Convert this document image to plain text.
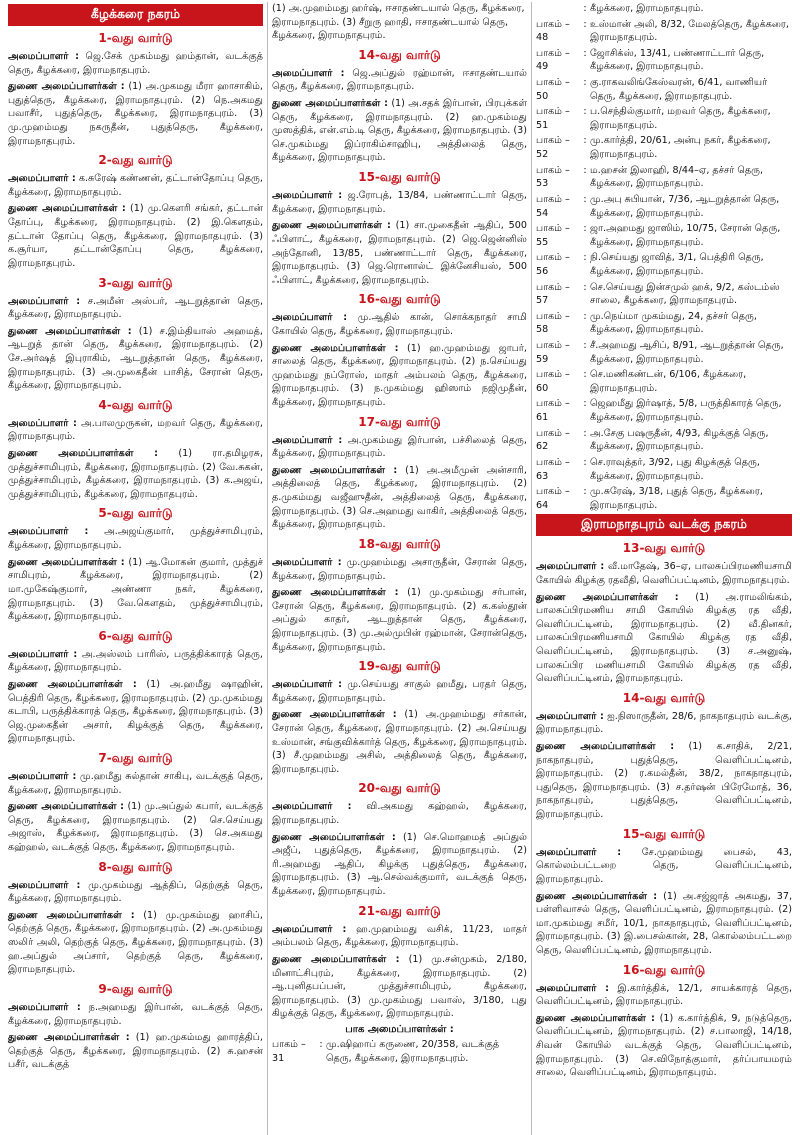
கீழக்கரை நகரம்
1-வது வார்டு

அமைப்பாளர் : ஜெ.சேக் முகம்மது ஹம்தான், வடக்குத் தெரு, கீழக்கரை, இராமநாதபுரம்.

துணை அமைப்பாளர்கள் : (1) அ.முகமது மீரா ஹாசாகிம், புதுத்தெரு, கீழக்கரை, இராமநாதபுரம். (2) நெ.அகமது பவாசீர், புதுத்தெரு, கீழக்கரை, இராமநாதபுரம். (3) மு.முஹம்மது நகருதீன், புதுத்தெரு, கீழக்கரை, இராமநாதபுரம்.

2-வது வார்டு

அமைப்பாளர் : க.சுரேஷ் கண்ணன், தட்டான்தோப்பு தெரு, கீழக்கரை, இராமநாதபுரம்.

துணை அமைப்பாளர்கள் : (1) மு.கௌரி சங்கர், தட்டான் தோப்பு, கீழக்கரை, இராமநாதபுரம். (2) இ.கௌதம், தட்டான் தோப்பு தெரு, கீழக்கரை, இராமநாதபுரம். (3) க.சூர்யா, தட்டான்தோப்பு தெரு, கீழக்கரை, இராமநாதபுரம்.

3-வது வார்டு

அமைப்பாளர் : ச.அமீன் அஸ்பர், ஆடறுத்தான் தெரு, கீழக்கரை, இராமநாதபுரம்.

துணை அமைப்பாளர்கள் : (1) ச.இம்தியாஸ் அஹமத், ஆடறுத் தான் தெரு, கீழக்கரை, இராமநாதபுரம். (2) சே.அர்ஷத் இபுராகிம், ஆடறுத்தான் தெரு, கீழக்கரை, இராமநாதபுரம். (3) அ.முகைதீன் பாசித், சேரான் தெரு, கீழக்கரை, இராமநாதபுரம்.

4-வது வார்டு

அமைப்பாளர் : அ.பாலமுருகன், மறவர் தெரு, கீழக்கரை, இராமநாதபுரம்.

துணை அமைப்பாளர்கள் : (1) ரா.தமிழரசு, முத்துச்சாமிபுரம், கீழக்கரை, இராமநாதபுரம். (2) வே.சுகன், முத்துச்சாமிபுரம், கீழக்கரை, இராமநாதபுரம். (3) க.அஜய், முத்துச்சாமிபுரம், கீழக்கரை, இராமநாதபுரம்.

5-வது வார்டு

அமைப்பாளர் : அ.அஜய்குமார், முத்துச்சாமிபுரம், கீழக்கரை, இராமநாதபுரம்.

துணை அமைப்பாளர்கள் : (1) ஆ.மோகன் குமார், முத்துச் சாமிபுரம், கீழக்கரை, இராமநாதபுரம். (2) மா.முகேஷ்குமார், அண்ணா நகர், கீழக்கரை, இராமநாதபுரம். (3) வே.கௌதம், முத்துச்சாமிபுரம், கீழக்கரை, இராமநாதபுரம்.

6-வது வார்டு

அமைப்பாளர் : அ.அஸ்லம் பாரிஸ், பருத்திக்காரத் தெரு, கீழக்கரை, இராமநாதபுரம்.

துணை அமைப்பாளர்கள் : (1) அ.ஹமீது ஷாஹின், பெத்திரி தெரு, கீழக்கரை, இராமநாதபுரம். (2) மு.முகம்மது கடாபி, பருத்திக்காரத் தெரு, கீழக்கரை, இராமநாதபுரம். (3) ஜெ.முகைதீன் அசார், கிழக்குத் தெரு, கீழக்கரை, இராமநாதபுரம்.

7-வது வார்டு

அமைப்பாளர் : மு.ஹமீது சுல்தான் சாகிபு, வடக்குத் தெரு, கீழக்கரை, இராமநாதபுரம்.

துணை அமைப்பாளர்கள் : (1) மு.அப்துல் கபார், வடக்குத் தெரு, கீழக்கரை, இராமநாதபுரம். (2) செ.செய்யது அஜாஸ், கீழக்கரை, இராமநாதபுரம். (3) செ.அகமது கஹ்ஹல், வடக்குத் தெரு, கீழக்கரை, இராமநாதபுரம்.

8-வது வார்டு

அமைப்பாளர் : மு.முகம்மது ஆத்திப், தெற்குத் தெரு, கீழக்கரை, இராமநாதபுரம்.

துணை அமைப்பாளர்கள் : (1) மு.முகம்மது ஹாசிப், தெற்குத் தெரு, கீழக்கரை, இராமநாதபுரம். (2) அ.முகம்மது ஸலிர் அலி, தெற்குத் தெரு, கீழக்கரை, இராமநாதபுரம். (3) ஹ.அப்துல் அப்சார், தெற்குத் தெரு, கீழக்கரை, இராமநாதபுரம்.

9-வது வார்டு

அமைப்பாளர் : ந.அஹமது இர்பான், வடக்குத் தெரு, கீழக்கரை, இராமநாதபுரம்.

துணை அமைப்பாளர்கள் : (1) ஹ.முகம்மது ஹாரத்திப், தெற்குத் தெரு, கீழக்கரை, இராமநாதபுரம். (2) சு.ஹசன் பசீர், வடக்குத்

(1) அ.முஹம்மது ஹர்ஷ், ஈசாதண்டயால் தெரு, கீழக்கரை, இராமநாதபுரம். (3) சீறுரு ஹாதி, ஈசாதண்டயால் தெரு, கீழக்கரை, இராமநாதபுரம்.

14-வது வார்டு

அமைப்பாளர் : ஜெ.அப்துல் ரஹ்மான், ஈசாதண்டயால் தெரு, கீழக்கரை, இராமநாதபுரம்.

துணை அமைப்பாளர்கள் : (1) அ.சதக் இர்பான், பிரபுக்கள் தெரு, கீழக்கரை, இராமநாதபுரம். (2) ஹ.முகம்மது முஸத்திக், என்.எம்.டி தெரு, கீழக்கரை, இராமநாதபுரம். (3) செ.முகம்மது இப்ராகிம்சாஹிபு, அத்திலைத் தெரு, கீழக்கரை, இராமநாதபுரம்.

15-வது வார்டு

அமைப்பாளர் : ஜ.ரோபுத், 13/84, பண்ணாட்டார் தெரு, கீழக்கரை, இராமநாதபுரம்.

துணை அமைப்பாளர்கள் : (1) சா.முகைதீன் ஆதிப், 500 ஃபிளாட், கீழக்கரை, இராமநாதபுரம். (2) ஜெ.ஜென்னிஸ் அந்தோனி, 13/85, பண்ணாட்டார் தெரு, கீழக்கரை, இராமநாதபுரம். (3) ஜெ.ரொனால்ட் இக்னேசியஸ், 500 ஃபிளாட், கீழக்கரை, இராமநாதபுரம்.

16-வது வார்டு

அமைப்பாளர் : மு.ஆதில் கான், சொக்கநாதர் சாமி கோயில் தெரு, கீழக்கரை, இராமநாதபுரம்.

துணை அமைப்பாளர்கள் : (1) ஹ.முஹம்மது ஜாபர், சாலைத் தெரு, கீழக்கரை, இராமநாதபுரம். (2) ந.செய்யது முஹம்மது நப்ரோஸ், மாதர் அம்பலம் தெரு, கீழக்கரை, இராமநாதபுரம். (3) ந.முகம்மது ஹிஸாம் நஜிமுதீன், கீழக்கரை, இராமநாதபுரம்.

17-வது வார்டு

அமைப்பாளர் : அ.முகம்மது இர்பான், பச்சிலைத் தெரு, கீழக்கரை, இராமநாதபுரம்.

துணை அமைப்பாளர்கள் : (1) அ.அமீமுன் அன்சாரி, அத்திலைத் தெரு, கீழக்கரை, இராமநாதபுரம். (2) த.முகம்மது வஜீஹுதீன், அத்திலைத் தெரு, கீழக்கரை, இராமநாதபுரம். (3) செ.அஹமது வாகிர், அத்திலைத் தெரு, கீழக்கரை, இராமநாதபுரம்.

18-வது வார்டு

அமைப்பாளர் : மு.முஹம்மது அசாருதீன், சேரான் தெரு, கீழக்கரை, இராமநாதபுரம்.

துணை அமைப்பாளர்கள் : (1) மு.முகம்மது சர்பான், சேரான் தெரு, கீழக்கரை, இராமநாதபுரம். (2) க.கஸ்தூன் அப்துல் காதர், ஆடறுத்தான் தெரு, கீழக்கரை, இராமநாதபுரம். (3) மு.அல்முபின் ரஹ்மான், சேரான்தெரு, கீழக்கரை, இராமநாதபுரம்.

19-வது வார்டு

அமைப்பாளர் : மு.செய்யது சாகுல் ஹமீது, பரதர் தெரு, கீழக்கரை, இராமநாதபுரம்.

துணை அமைப்பாளர்கள் : (1) அ.முஹம்மது சர்கான், சேரான் தெரு, கீழக்கரை, இராமநாதபுரம். (2) அ.செய்யது உஸ்மான், சங்குவிக்கார்த் தெரு, கீழக்கரை, இராமநாதபுரம். (3) சீ.முஹம்மது அசில், அத்திலைத் தெரு, கீழக்கரை, இராமநாதபுரம்.

20-வது வார்டு

அமைப்பாளர் : வி.அகமது கஹ்ஹல், கீழக்கரை, இராமநாதபுரம்.

துணை அமைப்பாளர்கள் : (1) செ.மொஹமத் அப்துல் அஜீப், புதுத்தெரு, கீழக்கரை, இராமநாதபுரம். (2) ரி.அஹமது ஆதிப், கிழக்கு புதுத்தெரு, கீழக்கரை, இராமநாதபுரம். (3) ஆ.செல்வக்குமார், வடக்குத் தெரு, கீழக்கரை, இராமநாதபுரம்.

21-வது வார்டு

அமைப்பாளர் : ஹ.முஹம்மது வசிக், 11/23, மாதர் அம்பலம் தெரு, கீழக்கரை, இராமநாதபுரம்.

துணை அமைப்பாளர்கள் : (1) மு.சன்முகம், 2/180, மினாட்சிபுரம், கீழக்கரை, இராமநாதபுரம். (2) ஆ.புனிதபப்பன், முத்துச்சாமிபுரம், கீழக்கரை, இராமநாதபுரம். (3) மு.முகம்மது பவாஸ், 3/180, புது கிழக்குத் தெரு, கீழக்கரை, இராமநாதபுரம்.

பாக அமைப்பாளர்கள் :
பாகம் – 31
: மு.ஷிஹாப் கருணை, 20/358, வடக்குத் தெரு, கீழக்கரை, இராமநாதபுரம்.
: கீழக்கரை, இராமநாதபுரம்.
பாகம் – 48
: உஸ்மான் அலி, 8/32, மேலத்தெரு, கீழக்கரை, இராமநாதபுரம்.
பாகம் – 49
: ஜோசிக்ஸ், 13/41, பண்ணாட்டார் தெரு, கீழக்கரை, இராமநாதபுரம்.
பாகம் – 50
: கு.ராகவலிங்கேஸ்வரன், 6/41, வாணியர் தெரு, கீழக்கரை, இராமநாதபுரம்.
பாகம் – 51
: ப.செந்தில்குமார், மறவர் தெரு, கீழக்கரை, இராமநாதபுரம்.
பாகம் – 52
: மு.கார்த்தி, 20/61, அன்பு நகர், கீழக்கரை, இராமநாதபுரம்.
பாகம் – 53
: ம.ஹசன் இலாஹி, 8/44–ஏ, தச்சர் தெரு, கீழக்கரை, இராமநாதபுரம்.
பாகம் – 54
: மு.அபு சுபியான், 7/36, ஆடறுத்தான் தெரு, கீழக்கரை, இராமநாதபுரம்.
பாகம் – 55
: ஜா.அஹமது ஜாஸிம், 10/75, சேரான் தெரு, கீழக்கரை, இராமநாதபுரம்.
பாகம் – 56
: நி.செய்யது ஜாவித், 3/1, பெத்திரி தெரு, கீழக்கரை, இராமநாதபுரம்.
பாகம் – 57
: செ.செய்யது இன்சமுல் ஹக், 9/2, கஸ்டம்ஸ் சாலை, கீழக்கரை, இராமநாதபுரம்.
பாகம் – 58
: மு.நெய்மா முகம்மது, 24, தச்சர் தெரு, கீழக்கரை, இராமநாதபுரம்.
பாகம் – 59
: சீ.அஹமது ஆசிப், 8/91, ஆடறுத்தான் தெரு, கீழக்கரை, இராமநாதபுரம்.
பாகம் – 60
: செ.மணிகண்டன், 6/106, கீழக்கரை, இராமநாதபுரம்.
பாகம் – 61
: ஜெஹமீது இர்ஷாத், 5/8, பருத்திகாரத் தெரு, கீழக்கரை, இராமநாதபுரம்.
பாகம் – 62
: அ.சேகு பஷருதீன், 4/93, கிழக்குத் தெரு, கீழக்கரை, இராமநாதபுரம்.
பாகம் – 63
: செ.ராவுத்தர், 3/92, புது கிழக்குத் தெரு, கீழக்கரை, இராமநாதபுரம்.
பாகம் – 64
: மு.சுரேஷ், 3/18, புதுத் தெரு, கீழக்கரை, இராமநாதபுரம்.
இராமநாதபுரம் வடக்கு நகரம்
13-வது வார்டு

அமைப்பாளர் : வீ.மாதேஷ், 36–ஏ, பாலசுப்பிரமணியசாமி கோயில் கிழக்கு ரதவீதி, வெளிப்பட்டினம், இராமநாதபுரம்.

துணை அமைப்பாளர்கள் : (1) அ.ராமலிங்கம், பாலசுப்பிரமணிய சாமி கோயில் கிழக்கு ரத வீதி, வெளிப்பட்டினம், இராமநாதபுரம். (2) வீ.தினகர், பாலசுப்பிரமணியசாமி கோயில் கிழக்கு ரத வீதி, வெளிப்பட்டினம், இராமநாதபுரம். (3) ச.அனுஷ், பாலசுப்பிர மணியசாமி கோயில் கிழக்கு ரத வீதி, வெளிப்பட்டினம், இராமநாதபுரம்.

14-வது வார்டு

அமைப்பாளர் : ஐ.நிஸாருதீன், 28/6, நாகநாதபுரம் வடக்கு, இராமநாதபுரம்.

துணை அமைப்பாளர்கள் : (1) க.சாதிக், 2/21, நாகநாதபுரம், புதுத்தெரு, வெளிப்பட்டினம், இராமநாதபுரம். (2) ர.கமல்தீன், 38/2, நாகநாதபுரம், புதுதெரு, இராமநாதபுரம். (3) ச.தர்ஷன் பிரேமோத், 36, நாகநாதபுரம், புதுத்தெரு, வெளிப்பட்டினம், இராமநாதபுரம்.

15-வது வார்டு

அமைப்பாளர் : சே.முஹம்மது பைசல், 43, கொல்லம்பட்டறை தெரு, வெளிப்பட்டினம், இராமநாதபுரம்.

துணை அமைப்பாளர்கள் : (1) அ.சஜ்ஜாத் அகமது, 37, பள்ளிவாசல் தெரு, வெளிப்பட்டினம், இராமநாதபுரம். (2) மா.முகம்மது சமீர், 10/1, நாகநாதபுரம், வெளிப்பட்டினம், இராமநாதபுரம். (3) இ.பைசல்கான், 28, கொல்லம்பட்டறை தெரு, வெளிப்பட்டினம், இராமநாதபுரம்.

16-வது வார்டு

அமைப்பாளர் : இ.கார்த்திக், 12/1, சாயக்காரத் தெரு, வெளிப்பட்டினம், இராமநாதபுரம்.

துணை அமைப்பாளர்கள் : (1) க.கார்த்திக், 9, நடுத்தெரு, வெளிப்பட்டினம், இராமநாதபுரம். (2) ச.பாலாஜி, 14/18, சிவன் கோயில் வடக்குத் தெரு, வெளிப்பட்டினம், இராமநாதபுரம். (3) செ.விநோத்குமார், தர்ப்பாயமரம் சாலை, வெளிப்பட்டினம், இராமநாதபுரம்.
